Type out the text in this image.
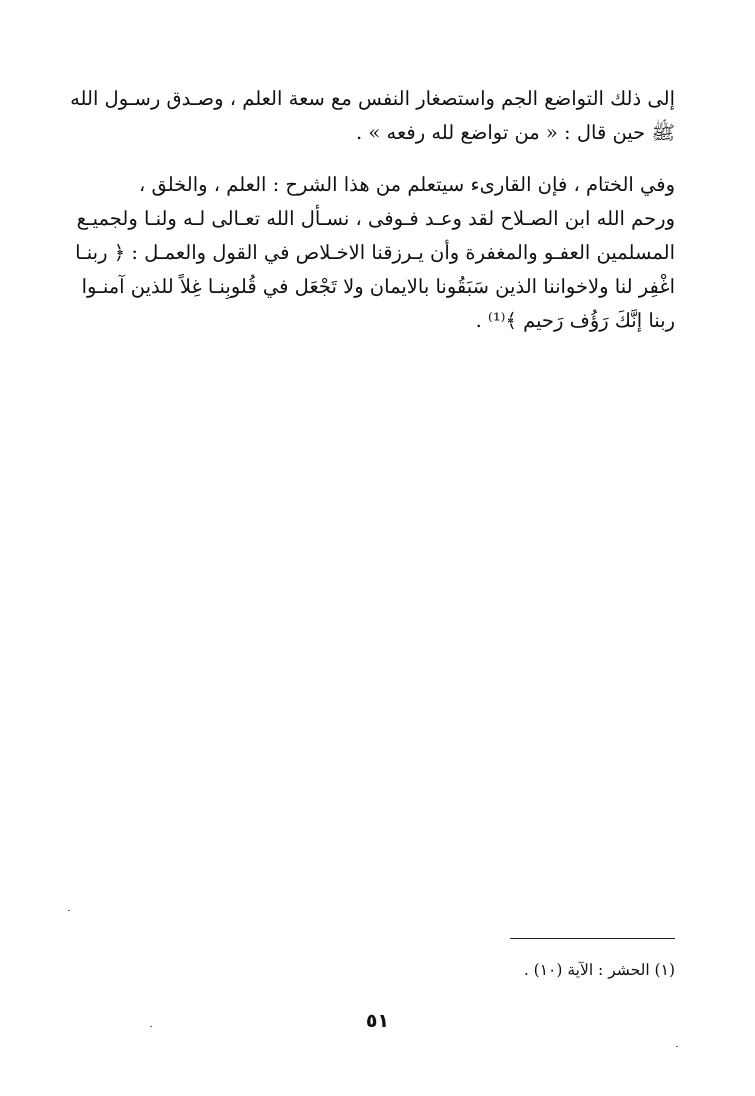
إلى ذلك التواضع الجم واستصغار النفس مع سعة العلم ، وصـدق رسـول الله
ﷺ حين قال : « من تواضع لله رفعه » .
وفي الختام ، فإن القارىء سيتعلم من هذا الشرح : العلم ، والخلق ،
ورحم الله ابن الصـلاح لقد وعـد فـوفى ، نسـأل الله تعـالى لـه ولنـا ولجميـع
المسلمين العفـو والمغفرة وأن يـرزقنا الاخـلاص في القول والعمـل : ﴿ ربنـا
اغْفِر لنا ولاخواننا الذين سَبَقُونا بالايمان ولا تَجْعَل في قُلوبِنـا غِلاً للذين آمنـوا
ربنا إنَّكَ رَؤُف رَحيم ﴾⁽¹⁾ .
(١) الحشر : الآية (١٠) .
٥١
